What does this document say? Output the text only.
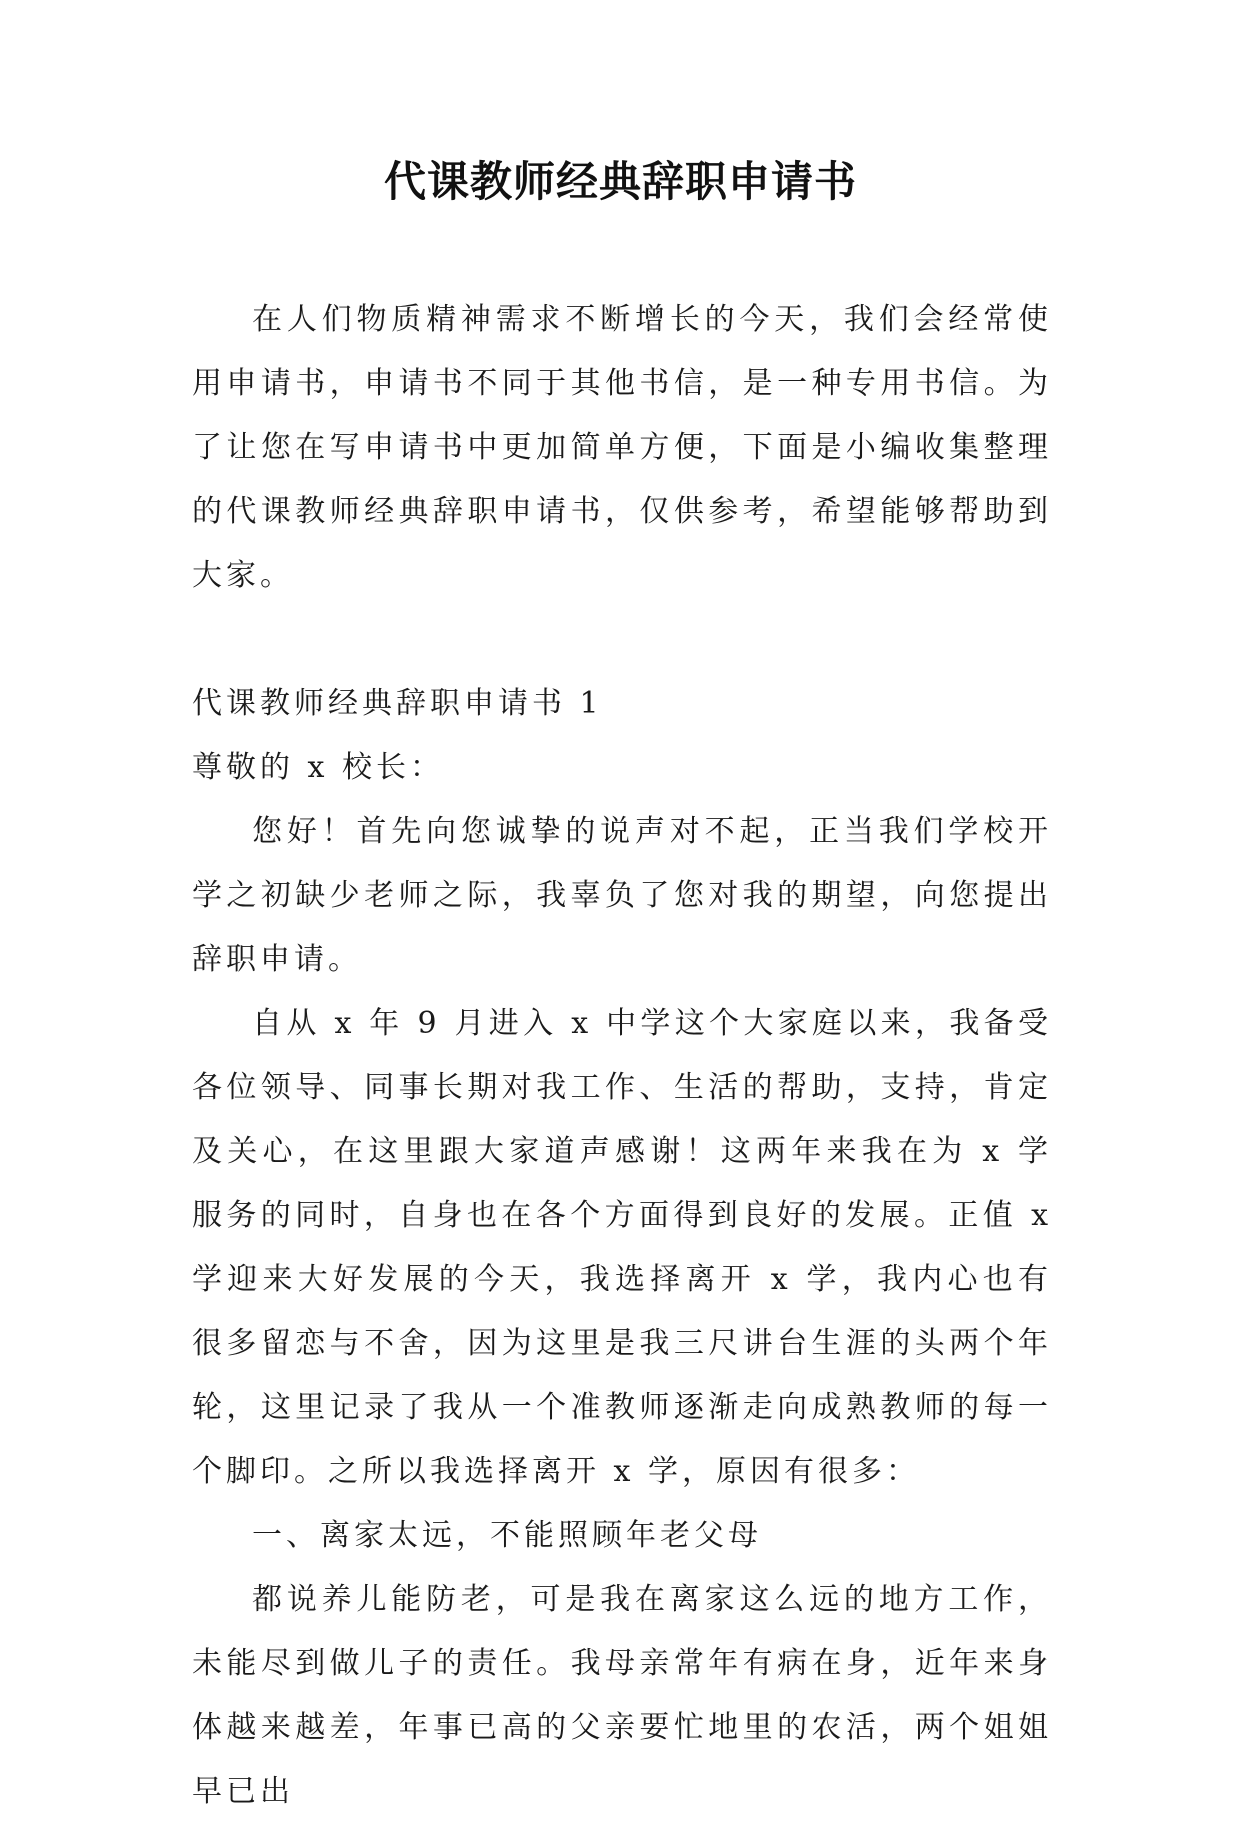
代课教师经典辞职申请书

在人们物质精神需求不断增长的今天，我们会经常使用申请书，申请书不同于其他书信，是一种专用书信。为了让您在写申请书中更加简单方便，下面是小编收集整理的代课教师经典辞职申请书，仅供参考，希望能够帮助到大家。

代课教师经典辞职申请书 1

尊敬的 x 校长：

您好！首先向您诚挚的说声对不起，正当我们学校开学之初缺少老师之际，我辜负了您对我的期望，向您提出辞职申请。

自从 x 年 9 月进入 x 中学这个大家庭以来，我备受各位领导、同事长期对我工作、生活的帮助，支持，肯定及关心，在这里跟大家道声感谢！这两年来我在为 x 学服务的同时，自身也在各个方面得到良好的发展。正值 x 学迎来大好发展的今天，我选择离开 x 学，我内心也有很多留恋与不舍，因为这里是我三尺讲台生涯的头两个年轮，这里记录了我从一个准教师逐渐走向成熟教师的每一个脚印。之所以我选择离开 x 学，原因有很多：

一、离家太远，不能照顾年老父母

都说养儿能防老，可是我在离家这么远的地方工作，未能尽到做儿子的责任。我母亲常年有病在身，近年来身体越来越差，年事已高的父亲要忙地里的农活，两个姐姐早已出
